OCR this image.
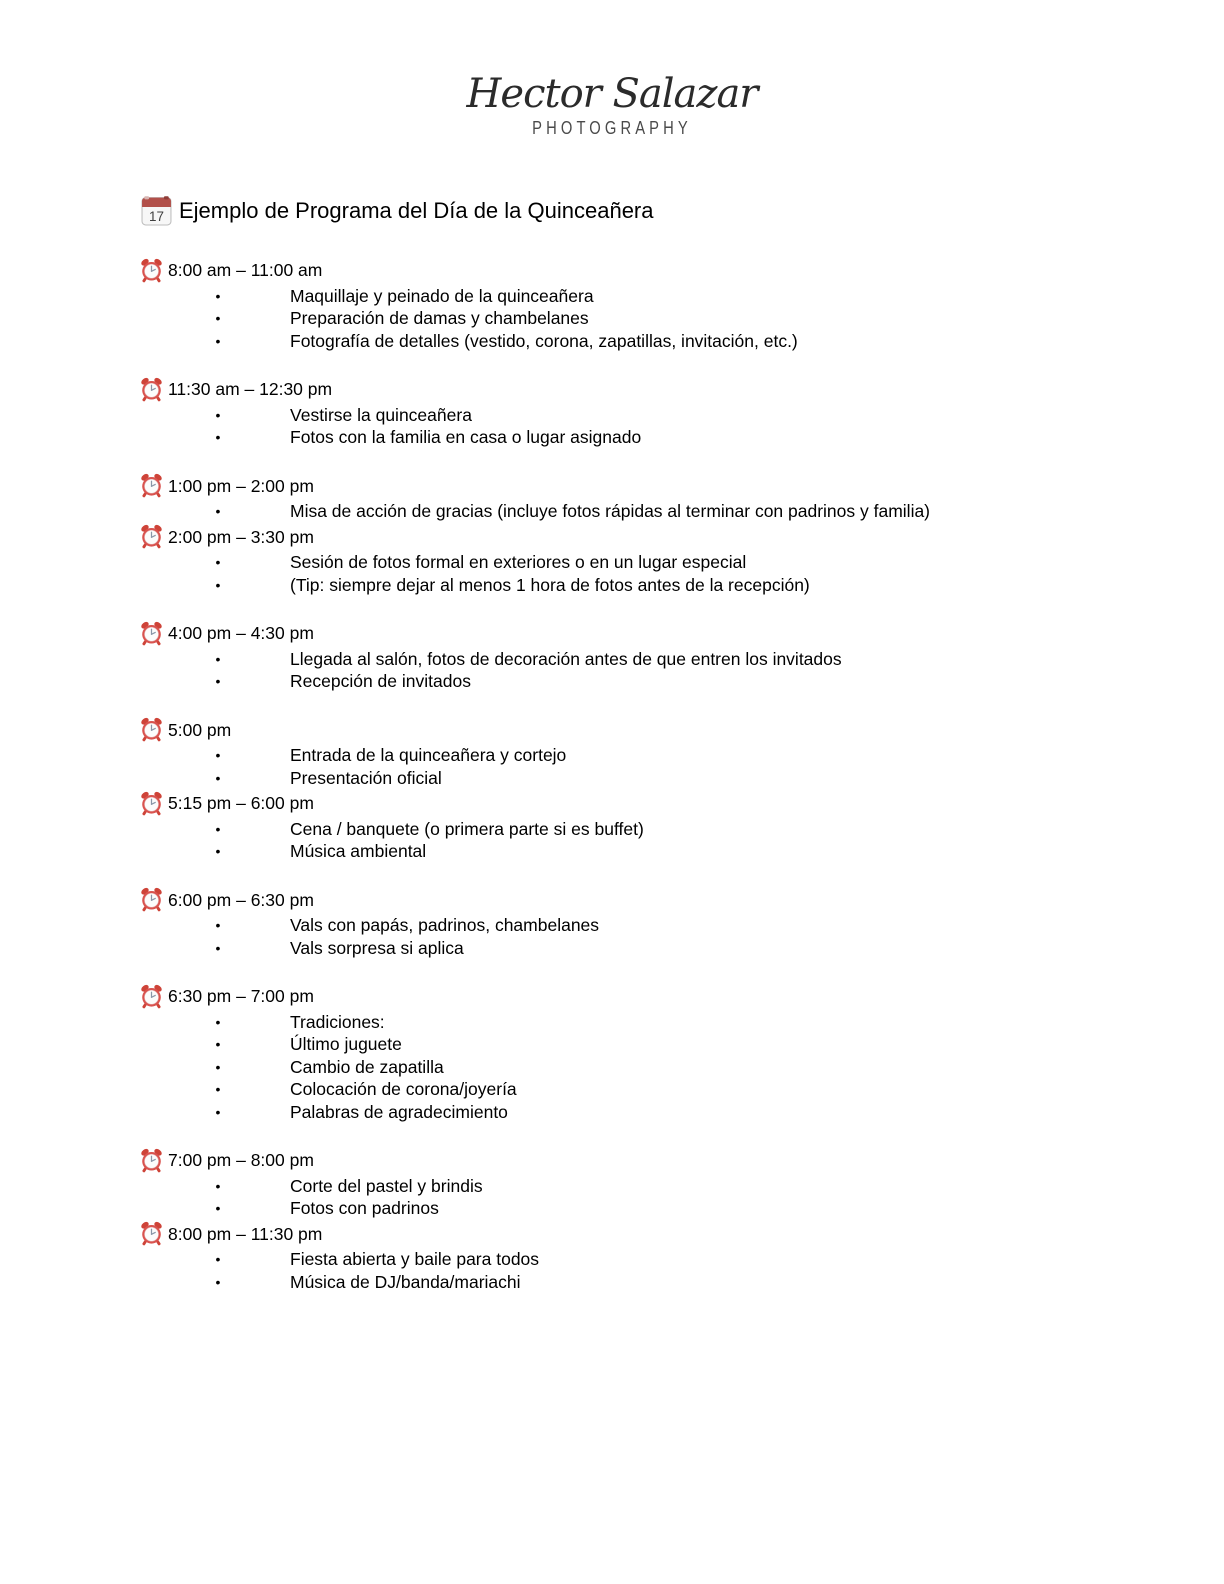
Hector Salazar
PHOTOGRAPHY
Ejemplo de Programa del Día de la Quinceañera
8:00 am – 11:00 am
•	Maquillaje y peinado de la quinceañera
•	Preparación de damas y chambelanes
•	Fotografía de detalles (vestido, corona, zapatillas, invitación, etc.)
11:30 am – 12:30 pm
•	Vestirse la quinceañera
•	Fotos con la familia en casa o lugar asignado
1:00 pm – 2:00 pm
•	Misa de acción de gracias (incluye fotos rápidas al terminar con padrinos y familia)
2:00 pm – 3:30 pm
•	Sesión de fotos formal en exteriores o en un lugar especial
•	(Tip: siempre dejar al menos 1 hora de fotos antes de la recepción)
4:00 pm – 4:30 pm
•	Llegada al salón, fotos de decoración antes de que entren los invitados
•	Recepción de invitados
5:00 pm
•	Entrada de la quinceañera y cortejo
•	Presentación oficial
5:15 pm – 6:00 pm
•	Cena / banquete (o primera parte si es buffet)
•	Música ambiental
6:00 pm – 6:30 pm
•	Vals con papás, padrinos, chambelanes
•	Vals sorpresa si aplica
6:30 pm – 7:00 pm
•	Tradiciones:
•	Último juguete
•	Cambio de zapatilla
•	Colocación de corona/joyería
•	Palabras de agradecimiento
7:00 pm – 8:00 pm
•	Corte del pastel y brindis
•	Fotos con padrinos
8:00 pm – 11:30 pm
•	Fiesta abierta y baile para todos
•	Música de DJ/banda/mariachi
